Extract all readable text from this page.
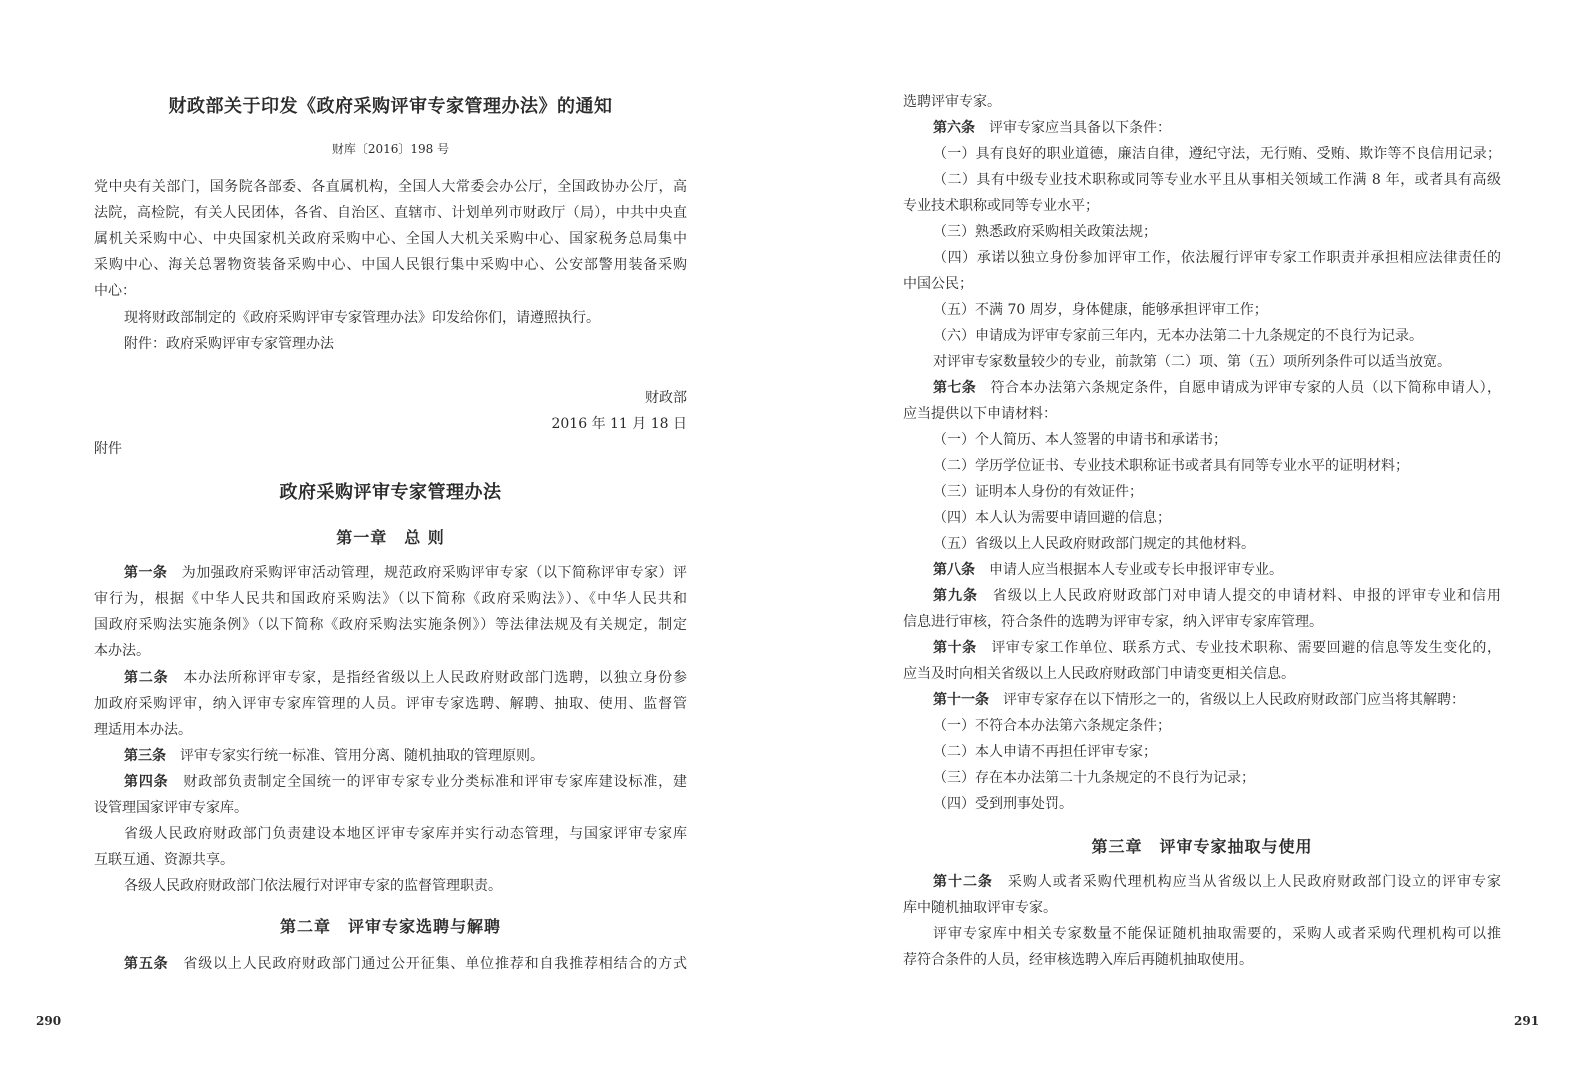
财政部关于印发《政府采购评审专家管理办法》的通知
财库〔2016〕198 号
党中央有关部门，国务院各部委、各直属机构，全国人大常委会办公厅，全国政协办公厅，高
法院，高检院，有关人民团体，各省、自治区、直辖市、计划单列市财政厅（局），中共中央直
属机关采购中心、中央国家机关政府采购中心、全国人大机关采购中心、国家税务总局集中
采购中心、海关总署物资装备采购中心、中国人民银行集中采购中心、公安部警用装备采购
中心：
现将财政部制定的《政府采购评审专家管理办法》印发给你们，请遵照执行。
附件：政府采购评审专家管理办法
财政部
2016 年 11 月 18 日
附件
政府采购评审专家管理办法
第一章　总 则
第一条　为加强政府采购评审活动管理，规范政府采购评审专家（以下简称评审专家）评
审行为，根据《中华人民共和国政府采购法》（以下简称《政府采购法》）、《中华人民共和
国政府采购法实施条例》（以下简称《政府采购法实施条例》）等法律法规及有关规定，制定
本办法。
第二条　本办法所称评审专家，是指经省级以上人民政府财政部门选聘，以独立身份参
加政府采购评审，纳入评审专家库管理的人员。评审专家选聘、解聘、抽取、使用、监督管
理适用本办法。
第三条　评审专家实行统一标准、管用分离、随机抽取的管理原则。
第四条　财政部负责制定全国统一的评审专家专业分类标准和评审专家库建设标准，建
设管理国家评审专家库。
省级人民政府财政部门负责建设本地区评审专家库并实行动态管理，与国家评审专家库
互联互通、资源共享。
各级人民政府财政部门依法履行对评审专家的监督管理职责。
第二章　评审专家选聘与解聘
第五条　省级以上人民政府财政部门通过公开征集、单位推荐和自我推荐相结合的方式
290
选聘评审专家。
第六条　评审专家应当具备以下条件：
（一）具有良好的职业道德，廉洁自律，遵纪守法，无行贿、受贿、欺诈等不良信用记录；
（二）具有中级专业技术职称或同等专业水平且从事相关领域工作满 8 年，或者具有高级
专业技术职称或同等专业水平；
（三）熟悉政府采购相关政策法规；
（四）承诺以独立身份参加评审工作，依法履行评审专家工作职责并承担相应法律责任的
中国公民；
（五）不满 70 周岁，身体健康，能够承担评审工作；
（六）申请成为评审专家前三年内，无本办法第二十九条规定的不良行为记录。
对评审专家数量较少的专业，前款第（二）项、第（五）项所列条件可以适当放宽。
第七条　符合本办法第六条规定条件，自愿申请成为评审专家的人员（以下简称申请人），
应当提供以下申请材料：
（一）个人简历、本人签署的申请书和承诺书；
（二）学历学位证书、专业技术职称证书或者具有同等专业水平的证明材料；
（三）证明本人身份的有效证件；
（四）本人认为需要申请回避的信息；
（五）省级以上人民政府财政部门规定的其他材料。
第八条　申请人应当根据本人专业或专长申报评审专业。
第九条　省级以上人民政府财政部门对申请人提交的申请材料、申报的评审专业和信用
信息进行审核，符合条件的选聘为评审专家，纳入评审专家库管理。
第十条　评审专家工作单位、联系方式、专业技术职称、需要回避的信息等发生变化的，
应当及时向相关省级以上人民政府财政部门申请变更相关信息。
第十一条　评审专家存在以下情形之一的，省级以上人民政府财政部门应当将其解聘：
（一）不符合本办法第六条规定条件；
（二）本人申请不再担任评审专家；
（三）存在本办法第二十九条规定的不良行为记录；
（四）受到刑事处罚。
第三章　评审专家抽取与使用
第十二条　采购人或者采购代理机构应当从省级以上人民政府财政部门设立的评审专家
库中随机抽取评审专家。
评审专家库中相关专家数量不能保证随机抽取需要的，采购人或者采购代理机构可以推
荐符合条件的人员，经审核选聘入库后再随机抽取使用。
291
